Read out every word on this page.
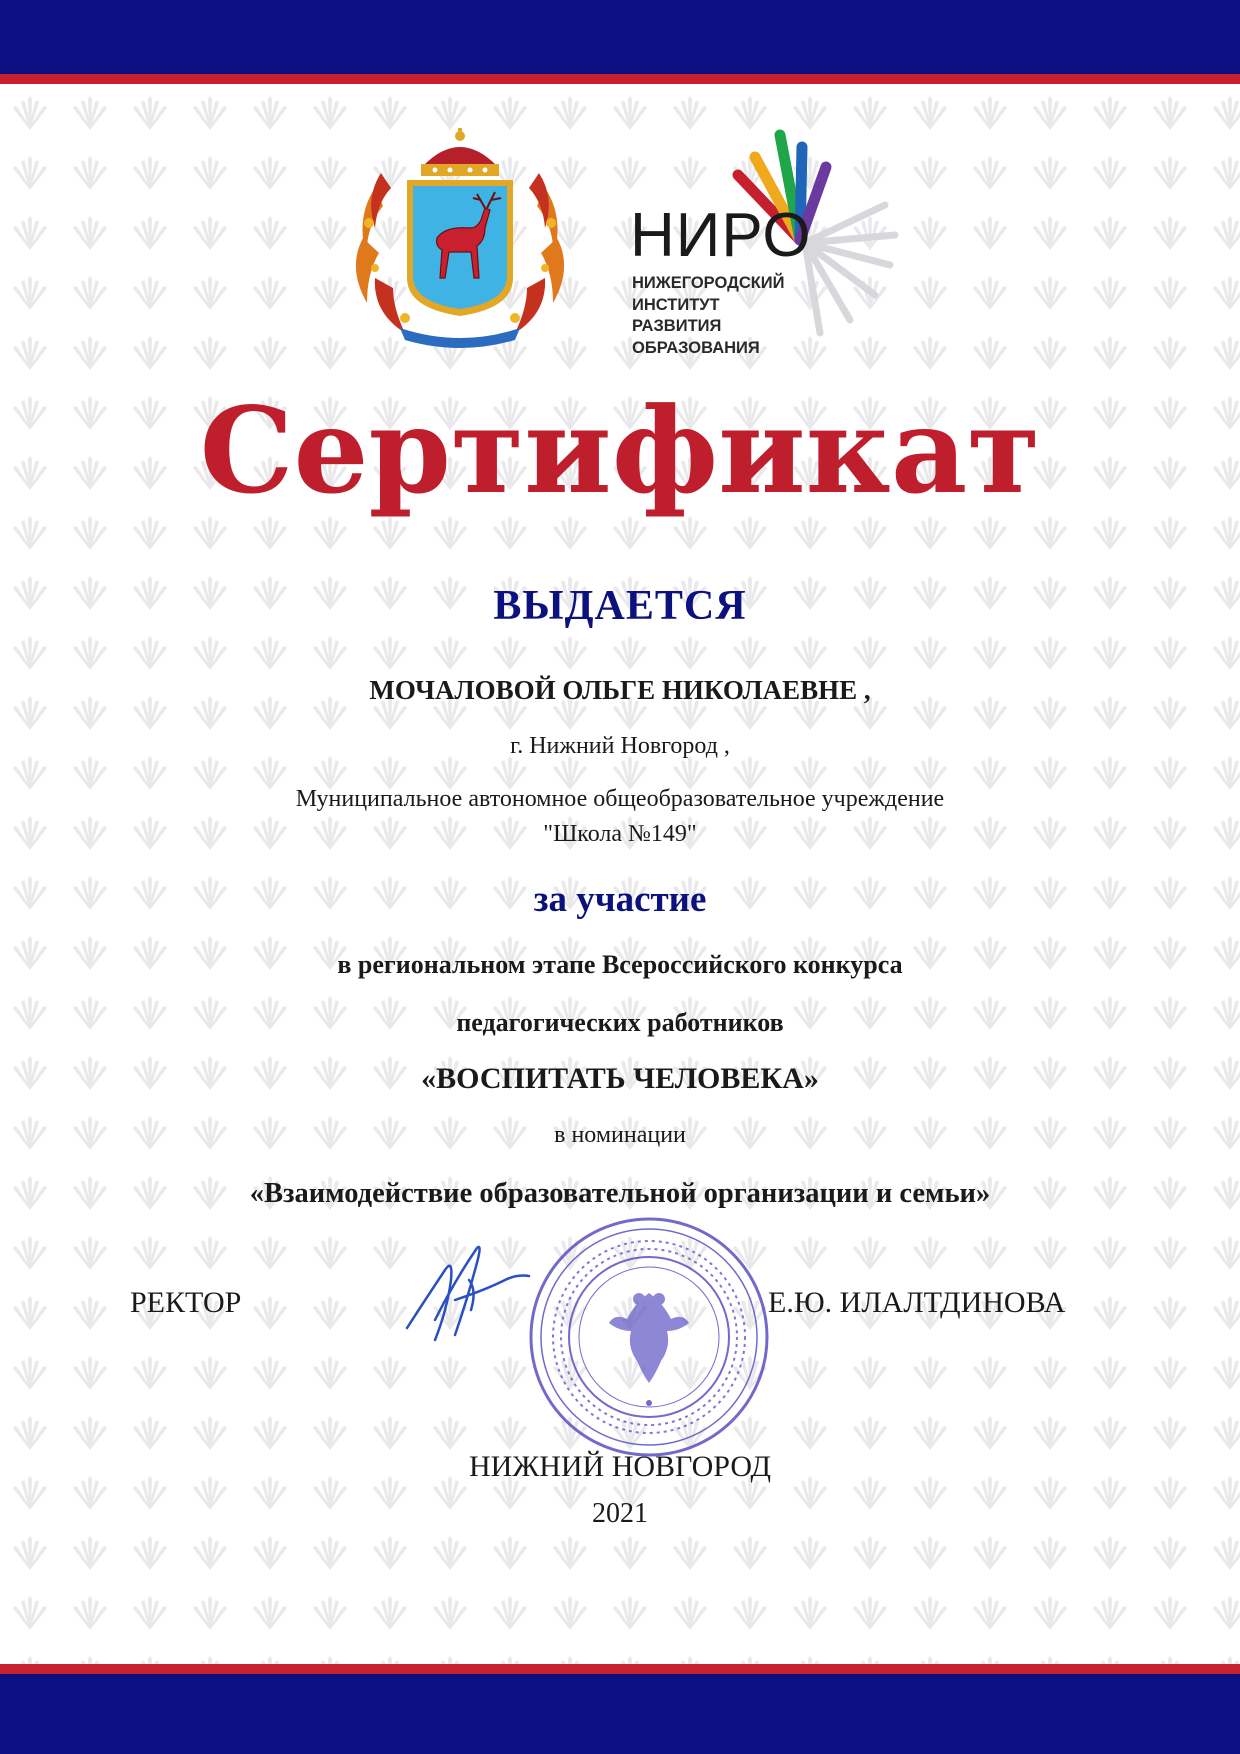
НИРО
НИЖЕГОРОДСКИЙ
ИНСТИТУТ
РАЗВИТИЯ
ОБРАЗОВАНИЯ
Сертификат
ВЫДАЕТСЯ
МОЧАЛОВОЙ ОЛЬГЕ НИКОЛАЕВНЕ ,
г. Нижний Новгород ,
Муниципальное автономное общеобразовательное учреждение
"Школа №149"
за участие
в региональном этапе Всероссийского конкурса
педагогических работников
«ВОСПИТАТЬ ЧЕЛОВЕКА»
в номинации
«Взаимодействие образовательной организации и семьи»
РЕКТОР	Е.Ю. ИЛАЛТДИНОВА
НИЖНИЙ НОВГОРОД
2021
